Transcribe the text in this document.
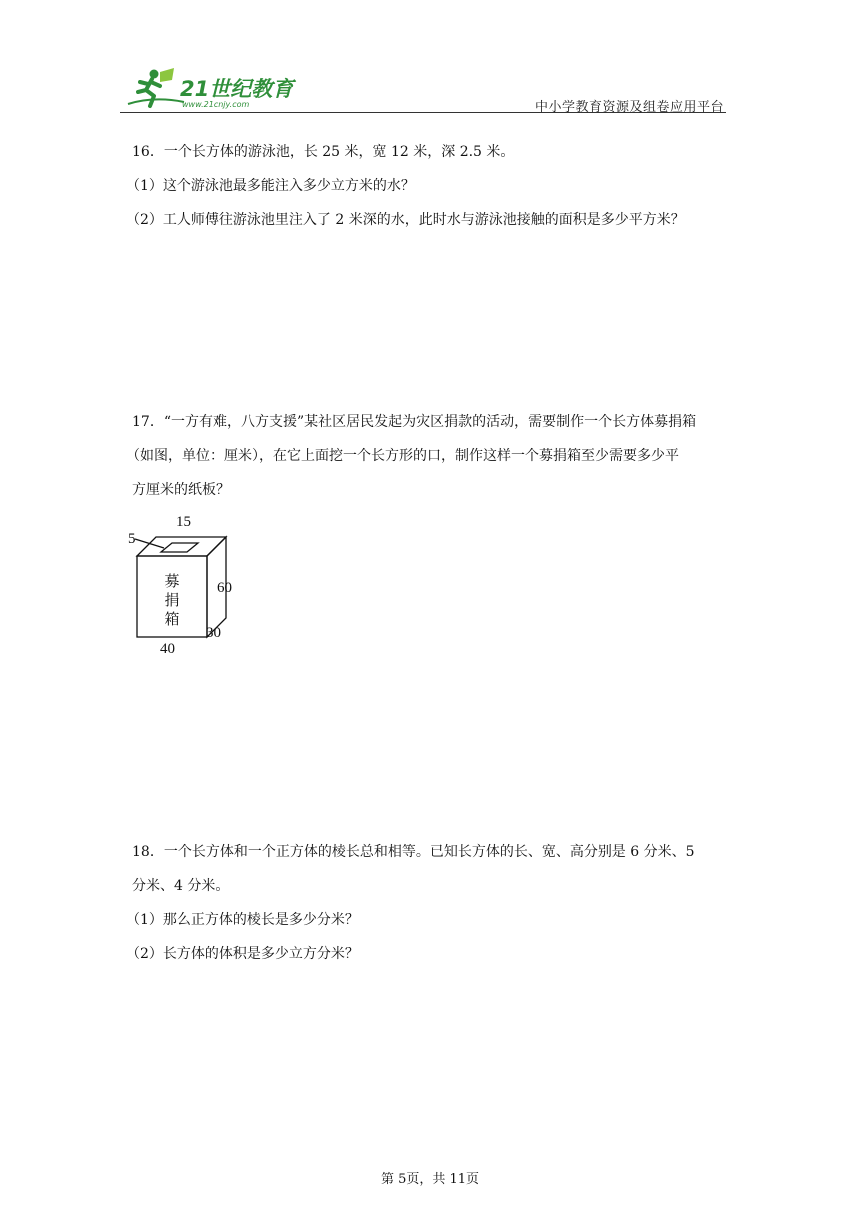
21世纪教育
www.21cnjy.com	中小学教育资源及组卷应用平台
16．一个长方体的游泳池，长 25 米，宽 12 米，深 2.5 米。
（1）这个游泳池最多能注入多少立方米的水？
（2）工人师傅往游泳池里注入了 2 米深的水，此时水与游泳池接触的面积是多少平方米？
17．“一方有难，八方支援”某社区居民发起为灾区捐款的活动，需要制作一个长方体募捐箱
（如图，单位：厘米），在它上面挖一个长方形的口，制作这样一个募捐箱至少需要多少平
方厘米的纸板？
15
5
60
30
40
募
捐
箱
18．一个长方体和一个正方体的棱长总和相等。已知长方体的长、宽、高分别是 6 分米、5
分米、4 分米。
（1）那么正方体的棱长是多少分米？
（2）长方体的体积是多少立方分米？
第 5页，共 11页
